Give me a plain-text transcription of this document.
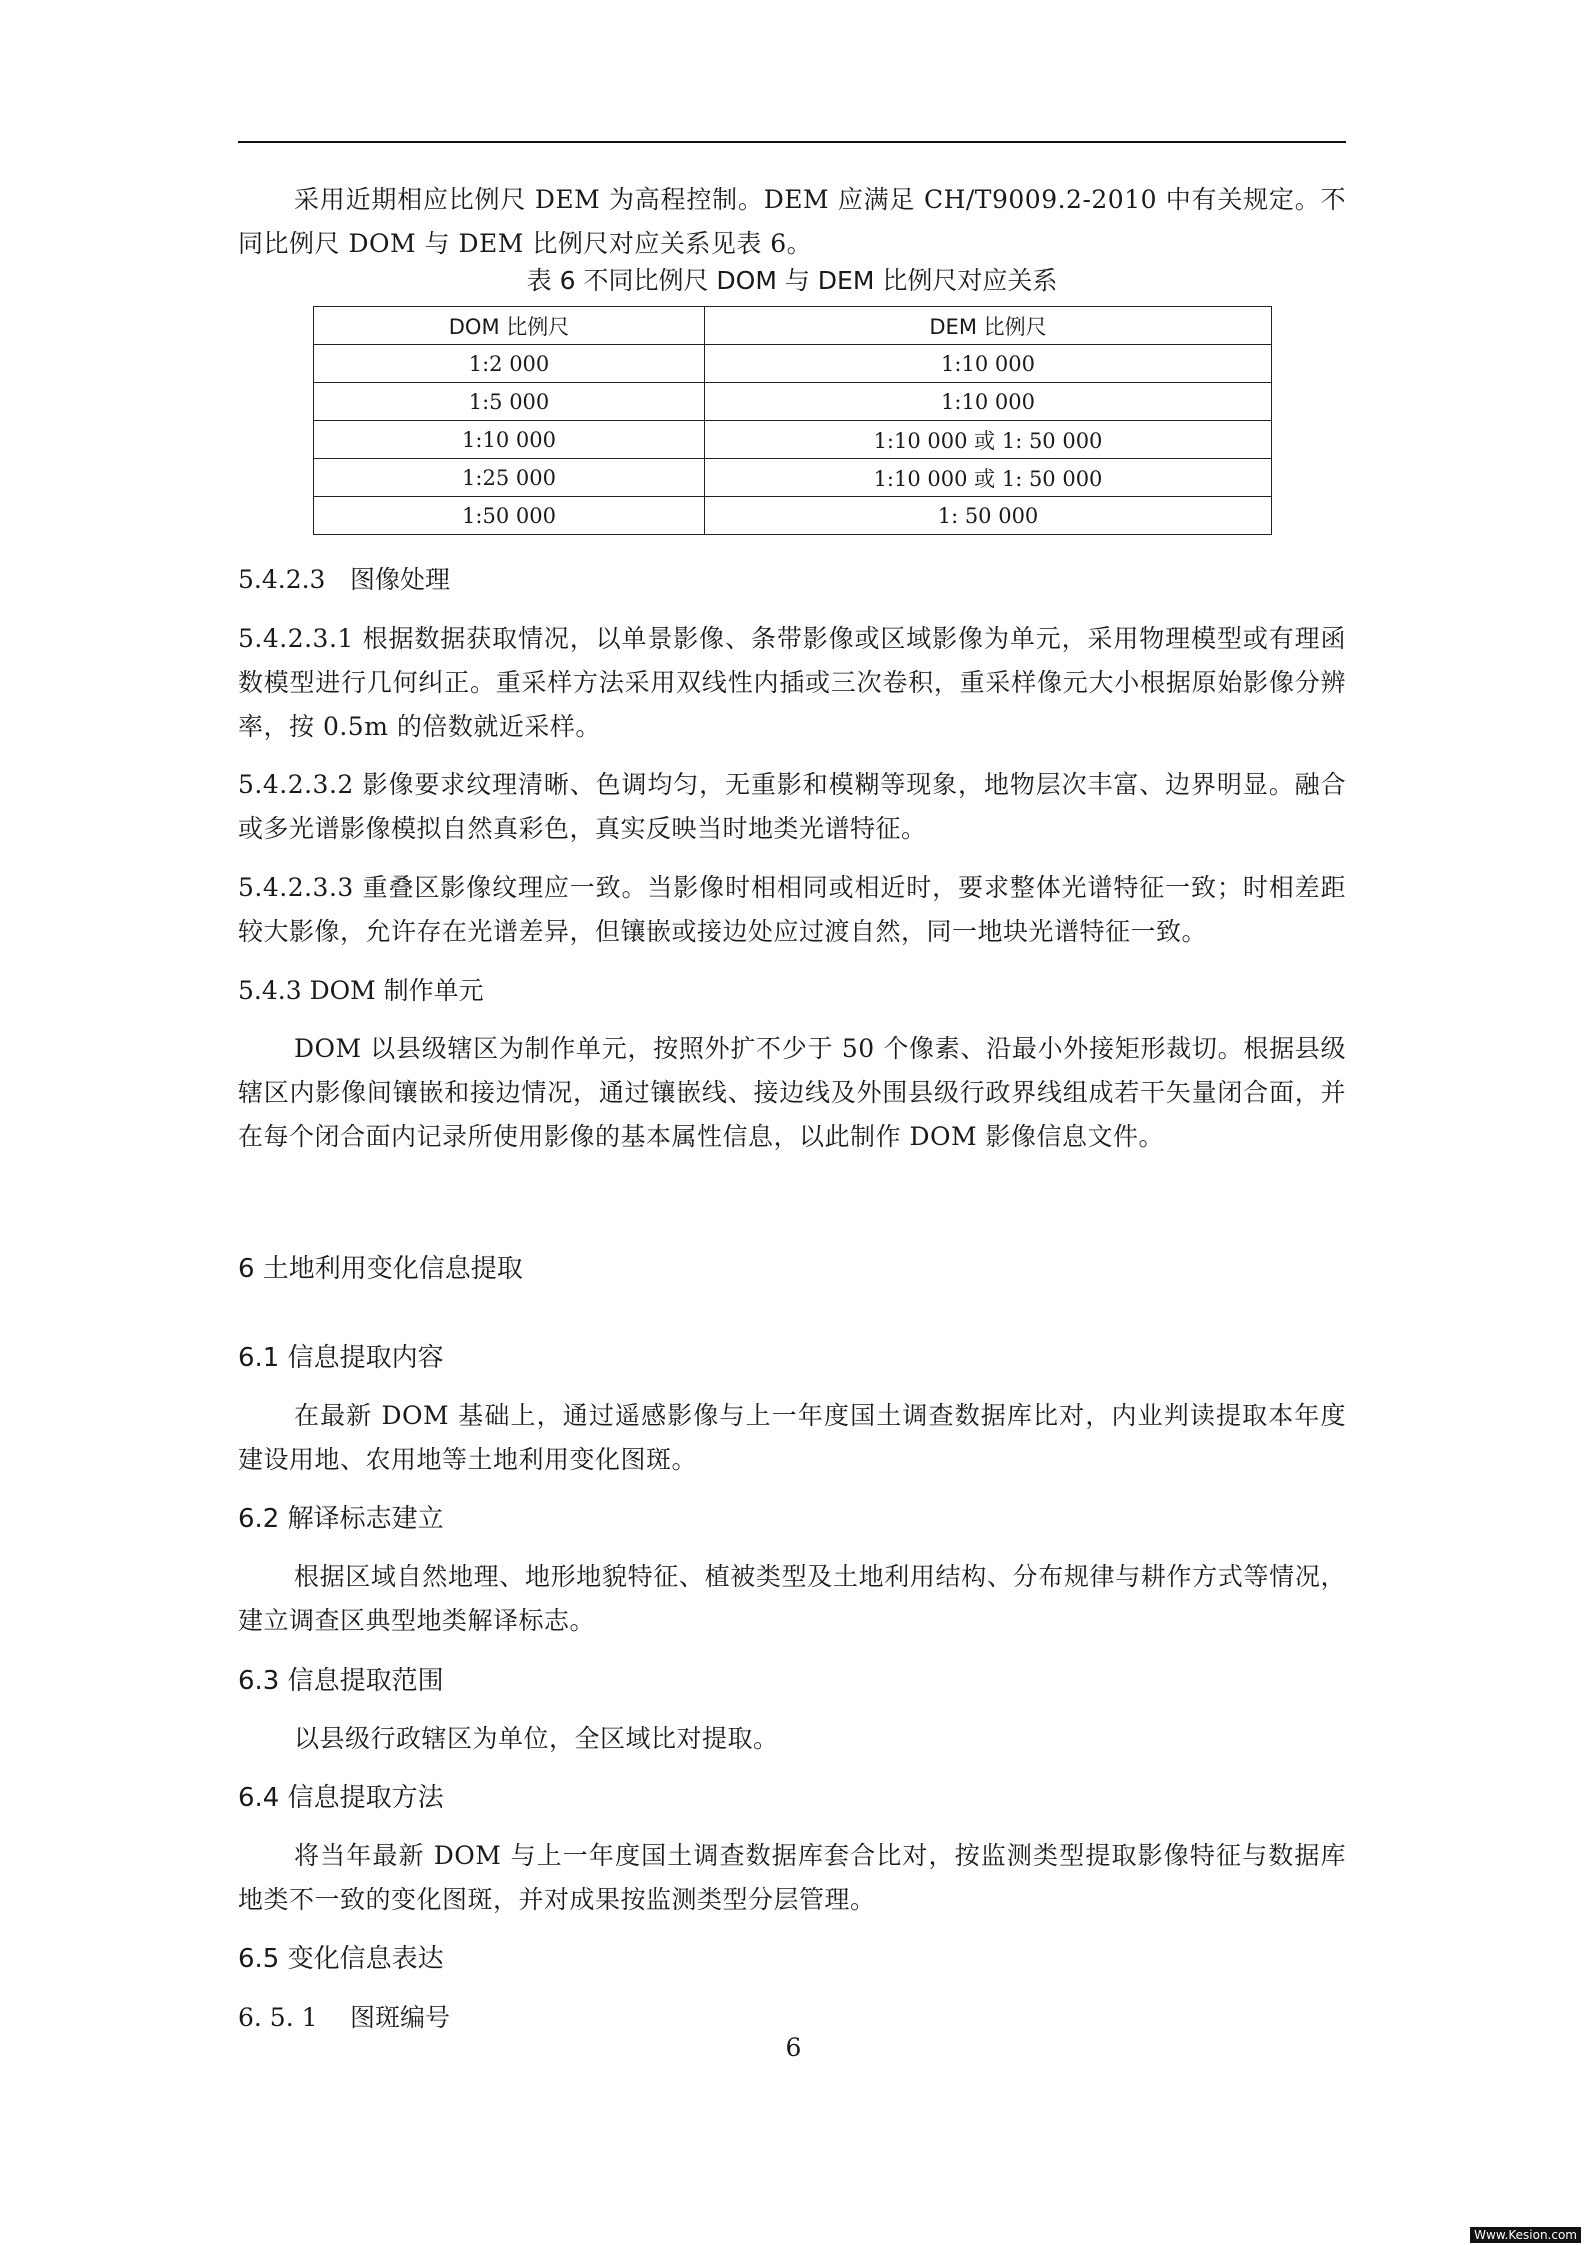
采用近期相应比例尺 DEM 为高程控制。DEM 应满足 CH/T9009.2-2010 中有关规定。不同比例尺 DOM 与 DEM 比例尺对应关系见表 6。

表 6 不同比例尺 DOM 与 DEM 比例尺对应关系
DOM 比例尺	DEM 比例尺
1:2 000	1:10 000
1:5 000	1:10 000
1:10 000	1:10 000 或 1: 50 000
1:25 000	1:10 000 或 1: 50 000
1:50 000	1: 50 000

5.4.2.3 图像处理

5.4.2.3.1 根据数据获取情况，以单景影像、条带影像或区域影像为单元，采用物理模型或有理函数模型进行几何纠正。重采样方法采用双线性内插或三次卷积，重采样像元大小根据原始影像分辨率，按 0.5m 的倍数就近采样。

5.4.2.3.2 影像要求纹理清晰、色调均匀，无重影和模糊等现象，地物层次丰富、边界明显。融合或多光谱影像模拟自然真彩色，真实反映当时地类光谱特征。

5.4.2.3.3 重叠区影像纹理应一致。当影像时相相同或相近时，要求整体光谱特征一致；时相差距较大影像，允许存在光谱差异，但镶嵌或接边处应过渡自然，同一地块光谱特征一致。

5.4.3 DOM 制作单元

DOM 以县级辖区为制作单元，按照外扩不少于 50 个像素、沿最小外接矩形裁切。根据县级辖区内影像间镶嵌和接边情况，通过镶嵌线、接边线及外围县级行政界线组成若干矢量闭合面，并在每个闭合面内记录所使用影像的基本属性信息，以此制作 DOM 影像信息文件。

6 土地利用变化信息提取

6.1 信息提取内容

在最新 DOM 基础上，通过遥感影像与上一年度国土调查数据库比对，内业判读提取本年度建设用地、农用地等土地利用变化图斑。

6.2 解译标志建立

根据区域自然地理、地形地貌特征、植被类型及土地利用结构、分布规律与耕作方式等情况，建立调查区典型地类解译标志。

6.3 信息提取范围

以县级行政辖区为单位，全区域比对提取。

6.4 信息提取方法

将当年最新 DOM 与上一年度国土调查数据库套合比对，按监测类型提取影像特征与数据库地类不一致的变化图斑，并对成果按监测类型分层管理。

6.5 变化信息表达

6. 5. 1 图斑编号

6
Www.Kesion.com
